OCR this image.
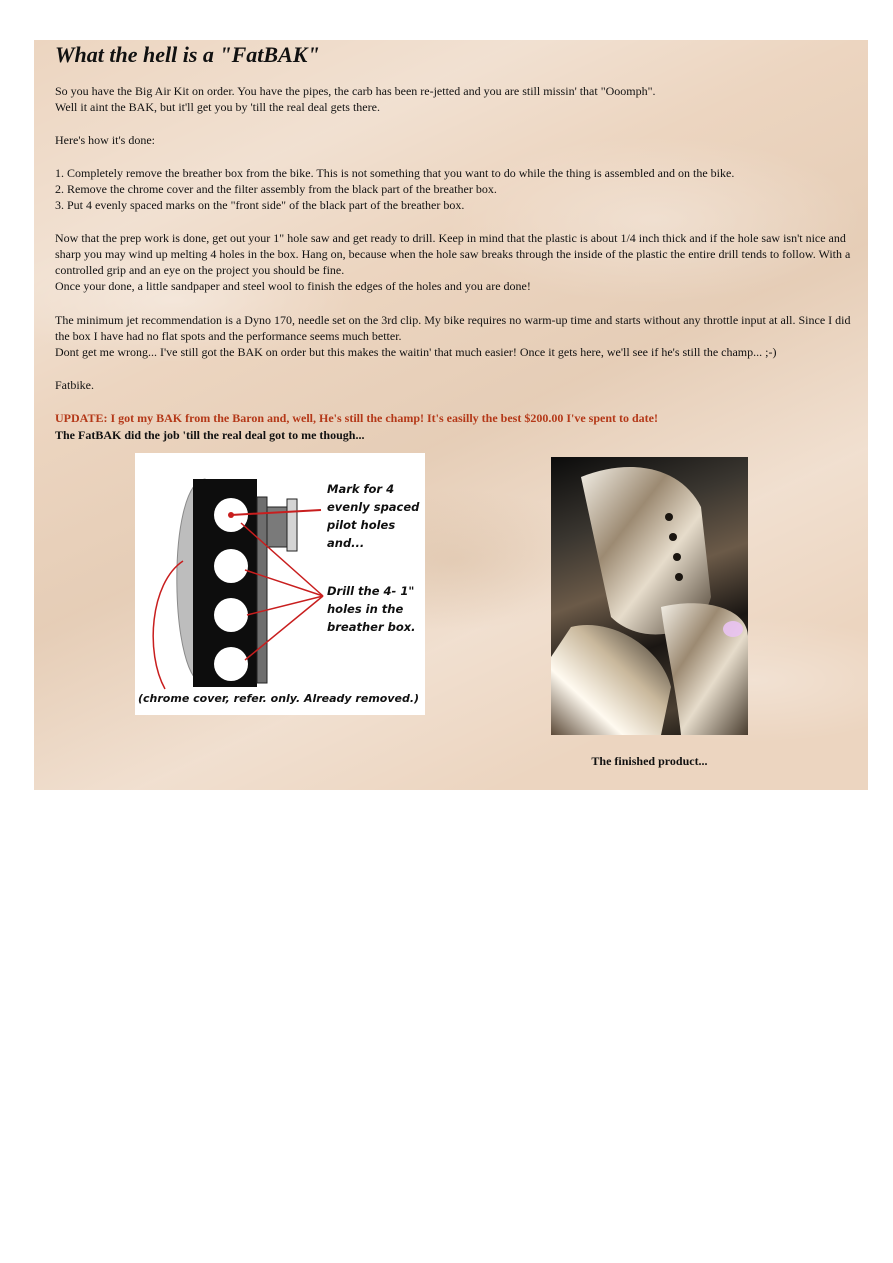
What the hell is a "FatBAK"

So you have the Big Air Kit on order. You have the pipes, the carb has been re-jetted and you are still missin' that "Ooomph".

Well it aint the BAK, but it'll get you by 'till the real deal gets there.

Here's how it's done:

1. Completely remove the breather box from the bike. This is not something that you want to do while the thing is assembled and on the bike.

2. Remove the chrome cover and the filter assembly from the black part of the breather box.

3. Put 4 evenly spaced marks on the "front side" of the black part of the breather box.

Now that the prep work is done, get out your 1" hole saw and get ready to drill. Keep in mind that the plastic is about 1/4 inch thick and if the hole saw isn't nice and sharp you may wind up melting 4 holes in the box. Hang on, because when the hole saw breaks through the inside of the plastic the entire drill tends to follow. With a controlled grip and an eye on the project you should be fine.

Once your done, a little sandpaper and steel wool to finish the edges of the holes and you are done!

The minimum jet recommendation is a Dyno 170, needle set on the 3rd clip. My bike requires no warm-up time and starts without any throttle input at all. Since I did the box I have had no flat spots and the performance seems much better.

Dont get me wrong... I've still got the BAK on order but this makes the waitin' that much easier! Once it gets here, we'll see if he's still the champ... ;-)

Fatbike.

UPDATE: I got my BAK from the Baron and, well, He's still the champ! It's easilly the best $200.00 I've spent to date!

The FatBAK did the job 'till the real deal got to me though...

Mark for 4
evenly spaced
pilot holes
and...
Drill the 4- 1"
holes in the
breather box.
(chrome cover, refer. only. Already removed.)
The finished product...
